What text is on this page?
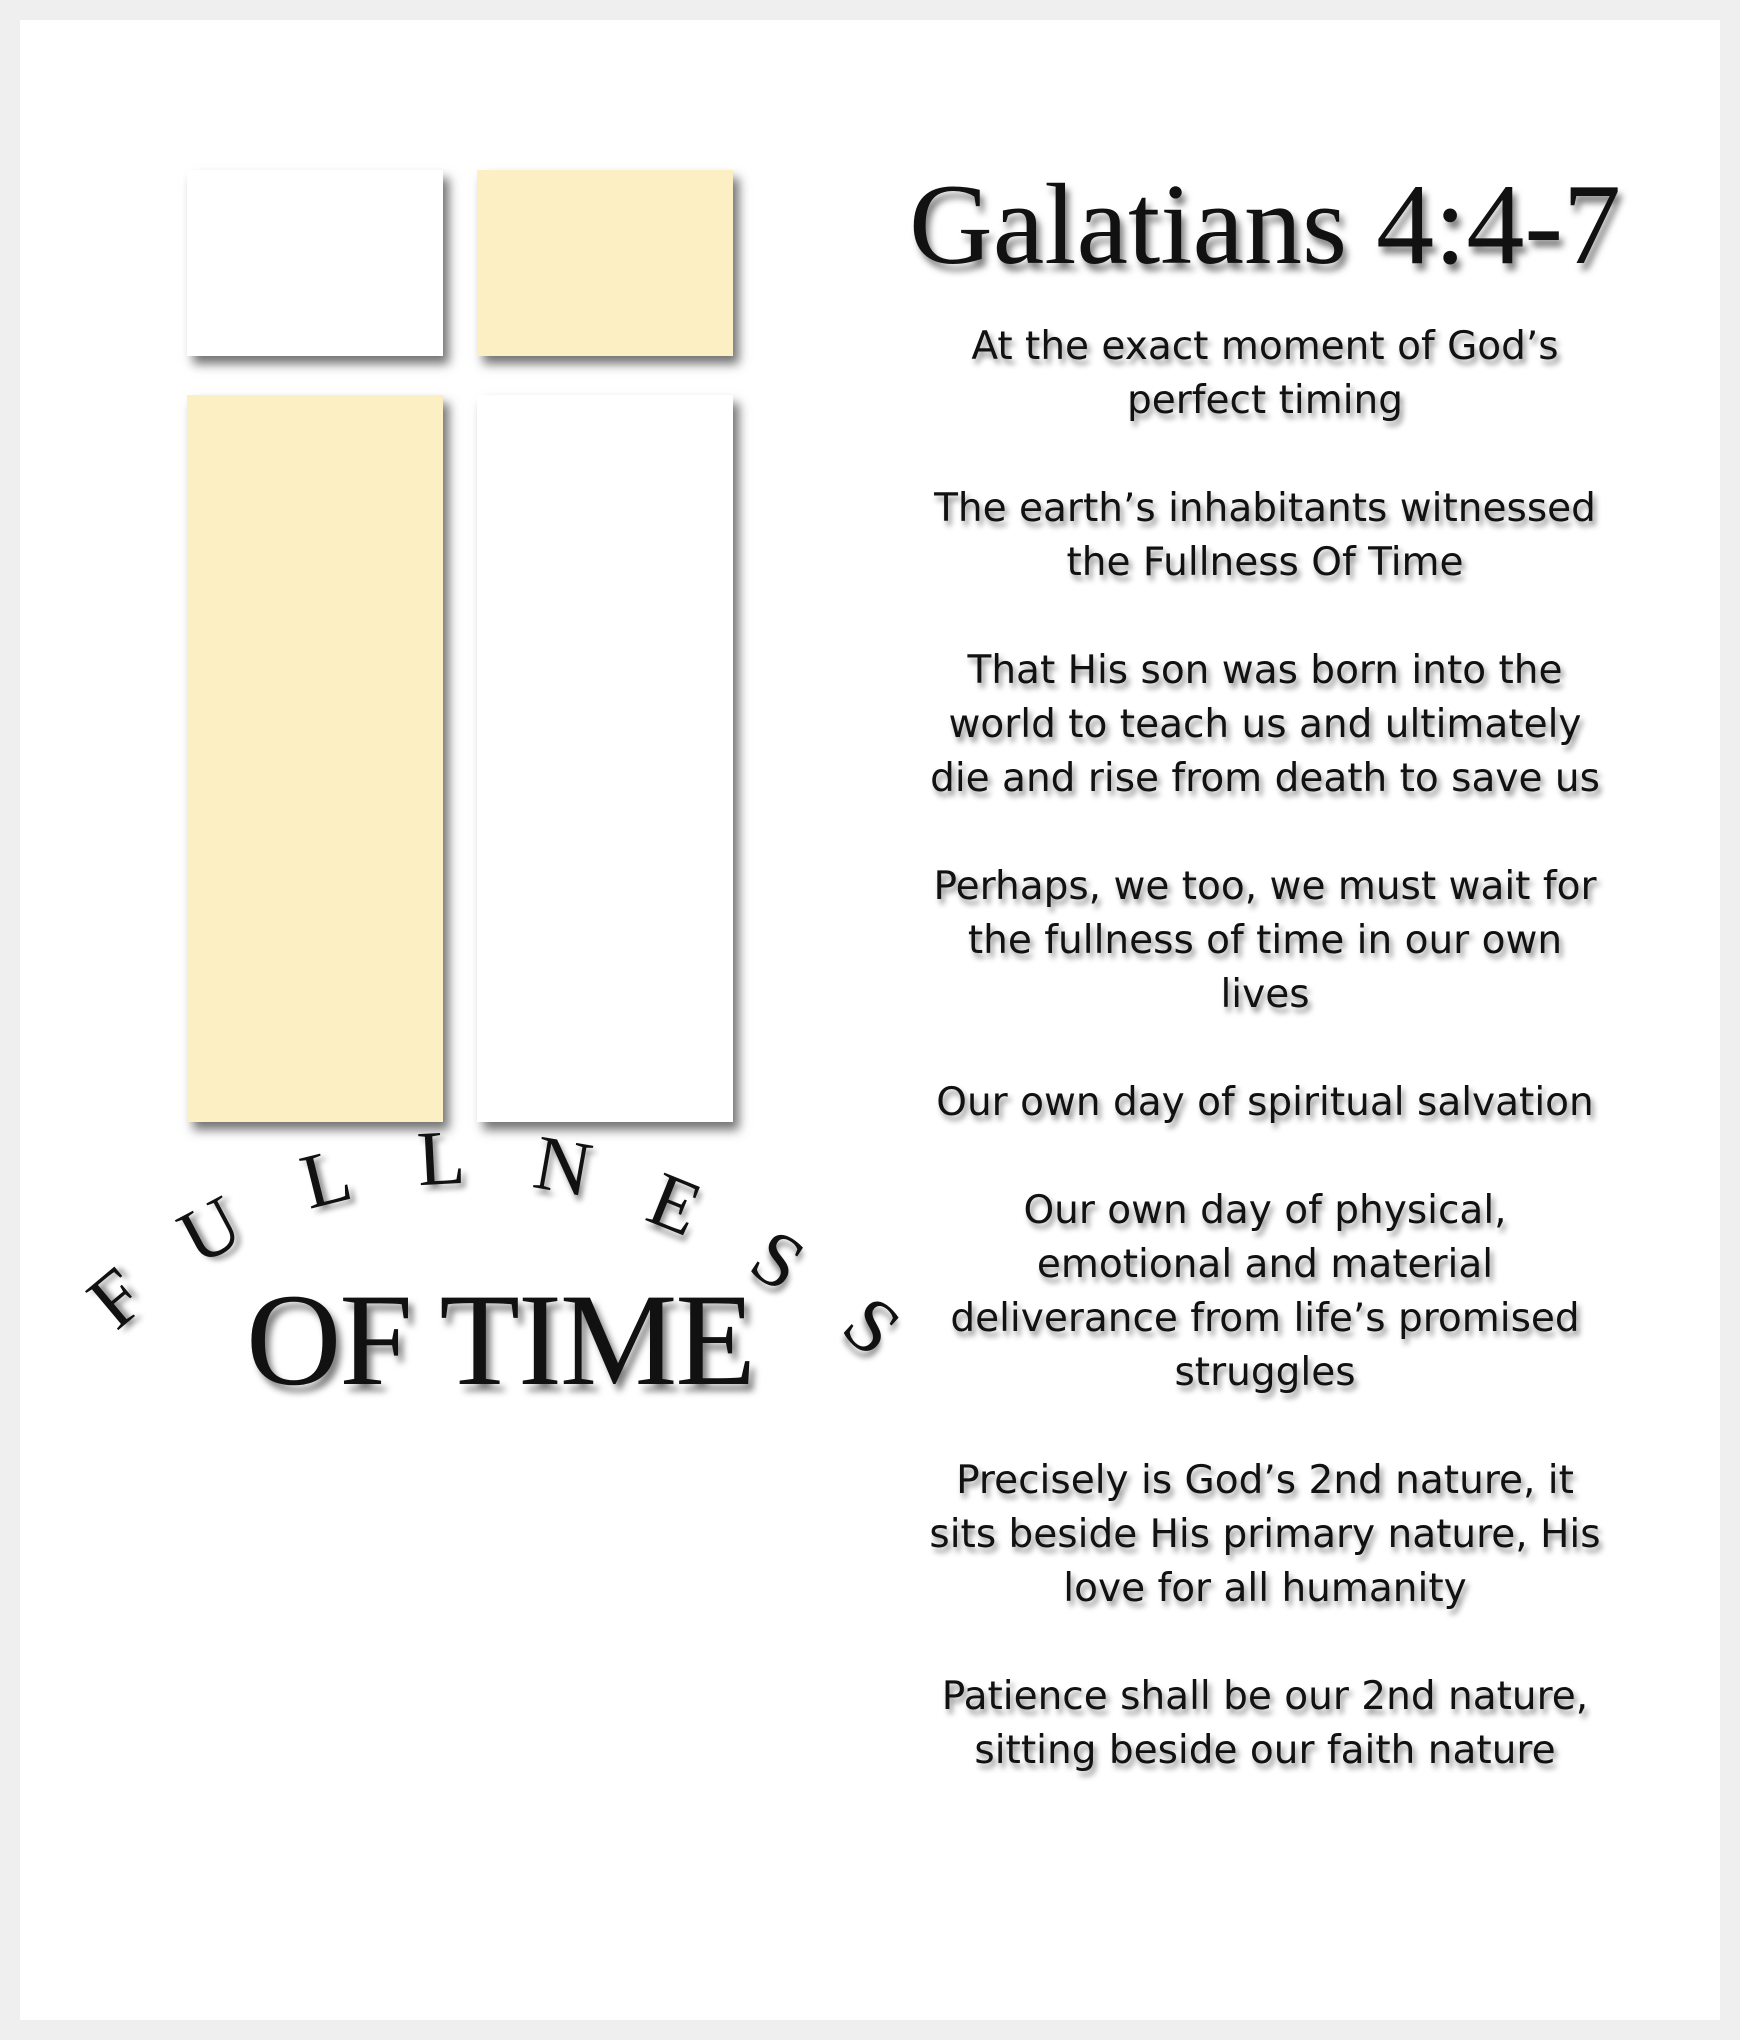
F
U
L L N E
S
S
OF TIME
Galatians 4:4-7

At the exact moment of God’s perfect timing

The earth’s inhabitants witnessed the Fullness Of Time

That His son was born into the world to teach us and ultimately die and rise from death to save us

Perhaps, we too, we must wait for the fullness of time in our own lives

Our own day of spiritual salvation

Our own day of physical, emotional and material deliverance from life’s promised struggles

Precisely is God’s 2nd nature, it sits beside His primary nature, His love for all humanity

Patience shall be our 2nd nature, sitting beside our faith nature
